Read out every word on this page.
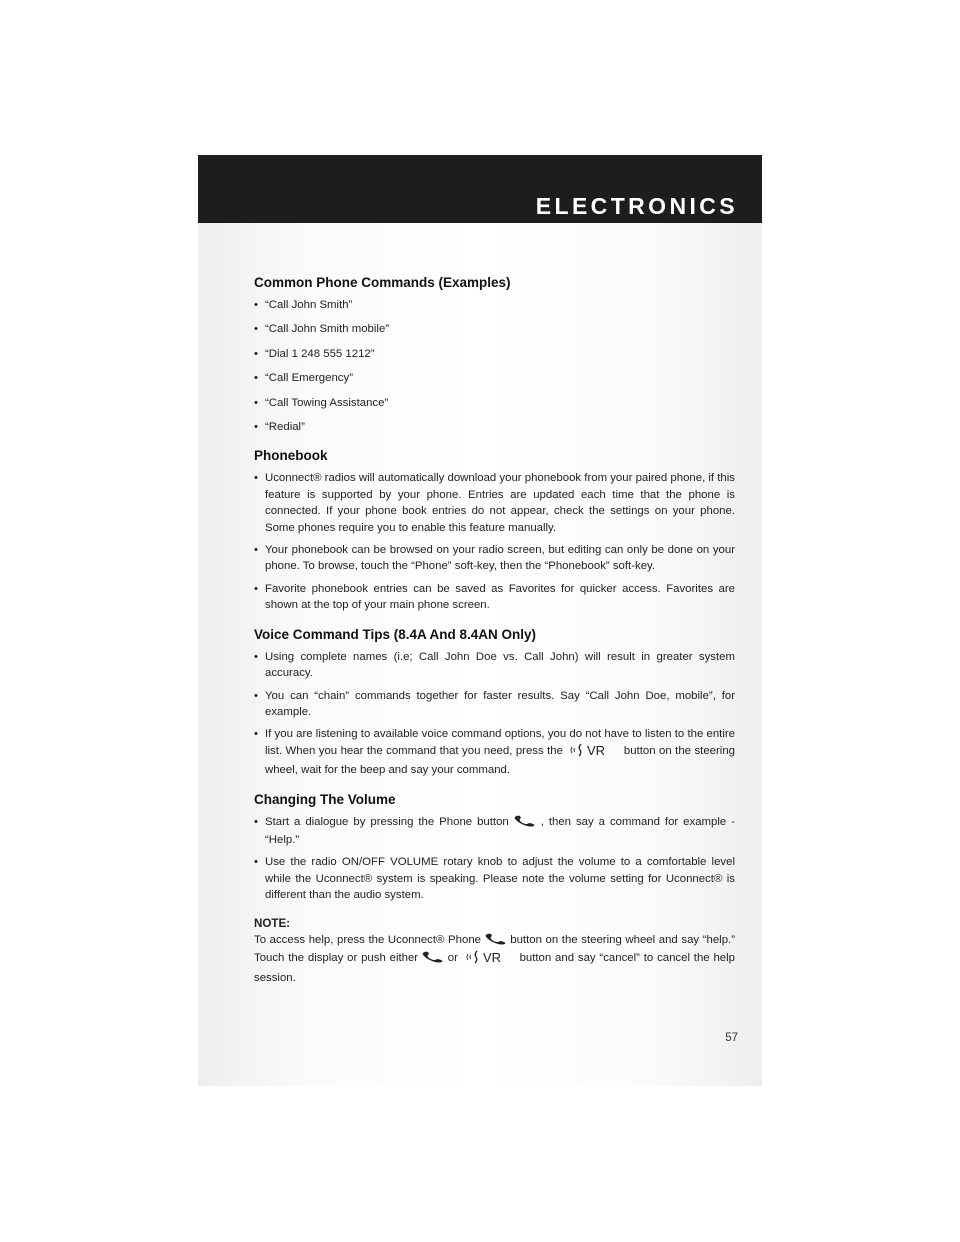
ELECTRONICS
Common Phone Commands (Examples)
• “Call John Smith”
• “Call John Smith mobile”
• “Dial 1 248 555 1212”
• “Call Emergency”
• “Call Towing Assistance”
• “Redial”
Phonebook
• Uconnect® radios will automatically download your phonebook from your paired phone, if this feature is supported by your phone. Entries are updated each time that the phone is connected. If your phone book entries do not appear, check the settings on your phone. Some phones require you to enable this feature manually.
• Your phonebook can be browsed on your radio screen, but editing can only be done on your phone. To browse, touch the “Phone” soft-key, then the “Phonebook” soft-key.
• Favorite phonebook entries can be saved as Favorites for quicker access. Favorites are shown at the top of your main phone screen.
Voice Command Tips (8.4A And 8.4AN Only)
• Using complete names (i.e; Call John Doe vs. Call John) will result in greater system accuracy.
• You can “chain” commands together for faster results. Say “Call John Doe, mobile”, for example.
• If you are listening to available voice command options, you do not have to listen to the entire list. When you hear the command that you need, press the VR button on the steering wheel, wait for the beep and say your command.
Changing The Volume
• Start a dialogue by pressing the Phone button	, then say a command for example - “Help.”
• Use the radio ON/OFF VOLUME rotary knob to adjust the volume to a comfortable level while the Uconnect® system is speaking. Please note the volume setting for Uconnect® is different than the audio system.
NOTE:
To access help, press the Uconnect® Phone	button on the steering wheel and say “help.” Touch the display or push either	or VR button and say “cancel” to cancel the help session.
57
